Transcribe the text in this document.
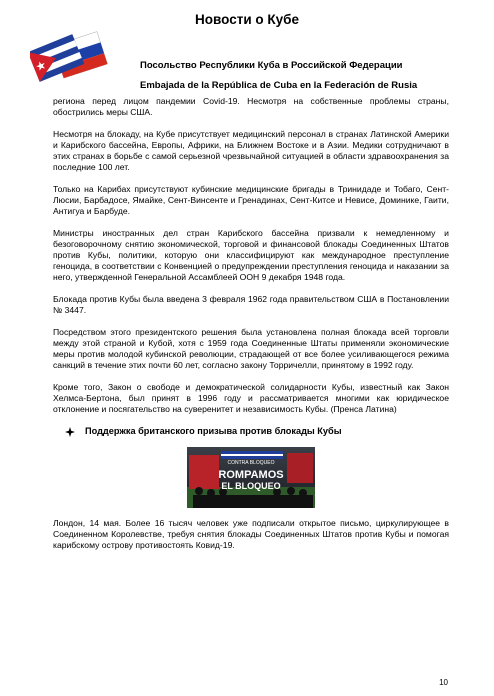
Новости о Кубе
Посольство Республики Куба в Российской Федерации
Embajada de la República de Cuba en la Federación de Rusia

региона перед лицом пандемии Covid-19. Несмотря на собственные проблемы страны, обострились меры США.

Несмотря на блокаду, на Кубе присутствует медицинский персонал в странах Латинской Америки и Карибского бассейна, Европы, Африки, на Ближнем Востоке и в Азии. Медики сотрудничают в этих странах в борьбе с самой серьезной чрезвычайной ситуацией в области здравоохранения за последние 100 лет.

Только на Карибах присутствуют кубинские медицинские бригады в Тринидаде и Тобаго, Сент-Люсии, Барбадосе, Ямайке, Сент-Винсенте и Гренадинах, Сент-Китсе и Невисе, Доминике, Гаити, Антигуа и Барбуде.

Министры иностранных дел стран Карибского бассейна призвали к немедленному и безоговорочному снятию экономической, торговой и финансовой блокады Соединенных Штатов против Кубы, политики, которую они классифицируют как международное преступление геноцида, в соответствии с Конвенцией о предупреждении преступления геноцида и наказании за него, утвержденной Генеральной Ассамблеей ООН 9 декабря 1948 года.

Блокада против Кубы была введена 3 февраля 1962 года правительством США в Постановлении № 3447.

Посредством этого президентского решения была установлена полная блокада всей торговли между этой страной и Кубой, хотя с 1959 года Соединенные Штаты применяли экономические меры против молодой кубинской революции, страдающей от все более усиливающегося режима санкций в течение этих почти 60 лет, согласно закону Торричелли, принятому в 1992 году.

Кроме того, Закон о свободе и демократической солидарности Кубы, известный как Закон Хелмса-Бертона, был принят в 1996 году и рассматривается многими как юридическое отклонение и посягательство на суверенитет и независимость Кубы. (Пренса Латина)

Поддержка британского призыва против блокады Кубы
CONTRA BLOQUEO
ROMPAMOS
EL BLOQUEO

Лондон, 14 мая. Более 16 тысяч человек уже подписали открытое письмо, циркулирующее в Соединенном Королевстве, требуя снятия блокады Соединенных Штатов против Кубы и помогая карибскому острову противостоять Ковид-19.

10
